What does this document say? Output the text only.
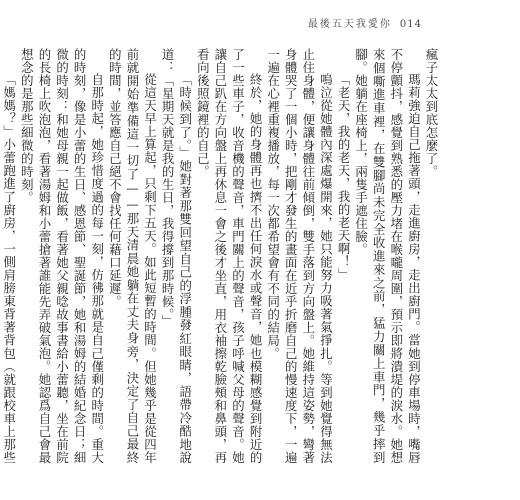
最後五天我愛你 014

瘋子太太到底怎麼了。

瑪莉強迫自己拖著頭，走進廚房，走出廚門。當她到停車場時，嘴唇不停顫抖，感覺到熟悉的壓力堵在喉嚨周圍，預示即將潰堤的淚水。她想來個嘶進車裡，在雙腳尚未完全收進來之前，猛力關上車門，幾乎摔到腳。她躺在座椅上，兩隻手遮住臉。

「老天，我的老天，我的老天啊！」

嗚泣從她體內深處爆開來，她只能努力吸著氣掙扎。等到她覺得無法止住身體，便讓身體往前傾倒，雙手落到方向盤上。她維持這姿勢，彎著身體哭了一個小時，把剛才發生的畫面在近乎折磨自己的慢速度下，一遍一遍在心裡重複播放，每一次都希望會有不同的結局。

終於，她的身體再也擠不出任何淚水或聲音，她也模糊感覺到附近的了一些車子，收音機的聲音，車門關上的聲音，孩子呼喊父母的聲音。她讓自己趴在方向盤上再休息一會之後才坐直，用衣袖擦乾臉頰和鼻頭，再看向後照鏡裡的自己。

「時候到了。」她對著那雙回望自己的浮腫發紅眼睛，語帶冷酷地說道：「星期天就是我的生日，我得撐到那時候。」

從這天早上算起，只剩下五天。如此短暫的時間。但她幾乎是從四年前就開始準備這一切了——那天清晨她躺在丈夫身旁，決定了自己最終的時間，並答應自己絕不會找任何藉口延遲。

自那時起，她珍惜度過的每一刻，仿彿那就是自己僅剩的時間。重大的時刻，像是小蕾的生日、感恩節、聖誕節，她和湯姆的結婚紀念日；細微的時刻：和她母親一起做飯，看著她父親唸故事書給小蕾聽，坐在前院的長椅上吹泡泡，看著湯姆和小蕾搶著誰能先弄破氣泡。她認爲自己會最想念的是那些細微的時刻。

「媽媽？」小蕾跑進了廚房，一側肩膀東背著背包（就跟校車上那些
